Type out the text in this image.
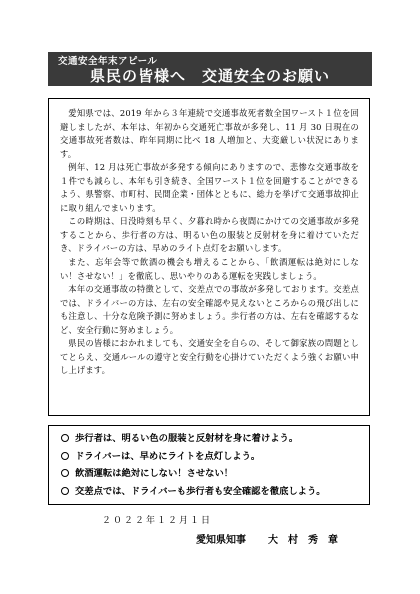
交通安全年末アピール
県民の皆様へ　交通安全のお願い

愛知県では、2019 年から３年連続で交通事故死者数全国ワースト１位を回避しましたが、本年は、年初から交通死亡事故が多発し、11 月 30 日現在の交通事故死者数は、昨年同期に比べ 18 人増加と、大変厳しい状況にあります。

例年、12 月は死亡事故が多発する傾向にありますので、悲惨な交通事故を１件でも減らし、本年も引き続き、全国ワースト１位を回避することができるよう、県警察、市町村、民間企業・団体とともに、総力を挙げて交通事故抑止に取り組んでまいります。

この時期は、日没時刻も早く、夕暮れ時から夜間にかけての交通事故が多発することから、歩行者の方は、明るい色の服装と反射材を身に着けていただき、ドライバーの方は、早めのライト点灯をお願いします。

また、忘年会等で飲酒の機会も増えることから、「飲酒運転は絶対にしない！させない！」を徹底し、思いやりのある運転を実践しましょう。

本年の交通事故の特徴として、交差点での事故が多発しております。交差点では、ドライバーの方は、左右の安全確認や見えないところからの飛び出しにも注意し、十分な危険予測に努めましょう。歩行者の方は、左右を確認するなど、安全行動に努めましょう。

県民の皆様におかれましても、交通安全を自らの、そして御家族の問題としてとらえ、交通ルールの遵守と安全行動を心掛けていただくよう強くお願い申し上げます。

歩行者は、明るい色の服装と反射材を身に着けよう。
ドライバーは、早めにライトを点灯しよう。
飲酒運転は絶対にしない！させない！
交差点では、ドライバーも歩行者も安全確認を徹底しよう。
２０２２年１２月１日
愛知県知事 大村秀章
